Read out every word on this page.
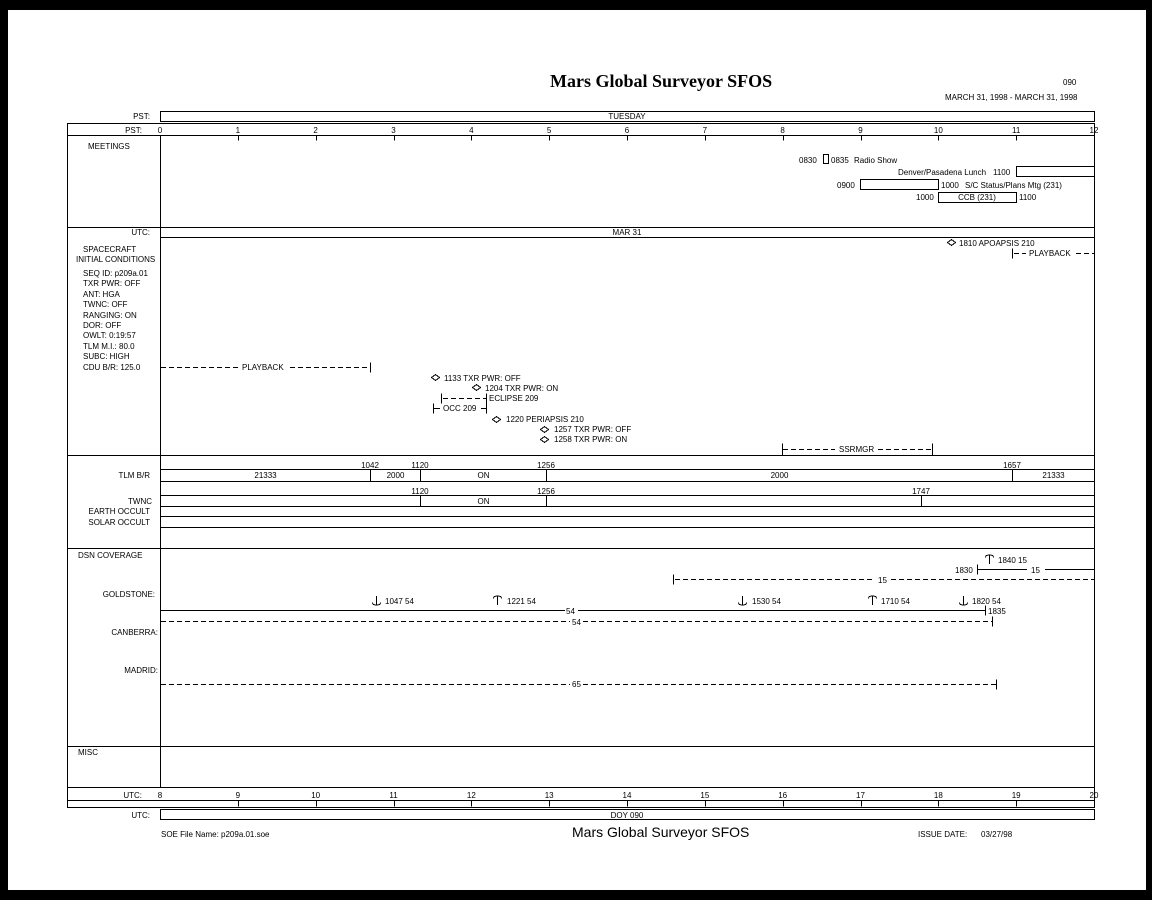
Mars Global Surveyor SFOS	090
MARCH 31, 1998 - MARCH 31, 1998
PST:	TUESDAY
PST:	0	1	2	3	4	5	6	7	8	9	10	11	12
MEETINGS
0830 0835 Radio Show
Denver/Pasadena Lunch 1100
0900	1000 S/C Status/Plans Mtg (231)
1000	CCB (231)	1100
UTC:	MAR 31
SPACECRAFT
INITIAL CONDITIONS
SEQ ID: p209a.01
TXR PWR: OFF
ANT: HGA
TWNC: OFF
RANGING: ON
DOR: OFF
OWLT: 0:19:57
TLM M.I.: 80.0
SUBC: HIGH
CDU B/R: 125.0
1810 APOAPSIS 210
PLAYBACK
PLAYBACK
1133 TXR PWR: OFF
1204 TXR PWR: ON
ECLIPSE 209
OCC 209
1220 PERIAPSIS 210
1257 TXR PWR: OFF
1258 TXR PWR: ON
SSRMGR
TLM B/R
1042	1120	1256	1657
21333	2000	ON	2000	21333
TWNC
1120	1256	1747
ON
EARTH OCCULT
SOLAR OCCULT
DSN COVERAGE
GOLDSTONE:
CANBERRA:
MADRID:
1840 15
1830	15
15
1047 54	1221 54	1530 54	1710 54	1820 54
54	1835
54
65
MISC
UTC:	8	9	10	11	12	13	14	15	16	17	18	19	20
UTC:	DOY 090
SOE File Name: p209a.01.soe	Mars Global Surveyor SFOS	ISSUE DATE: 03/27/98
